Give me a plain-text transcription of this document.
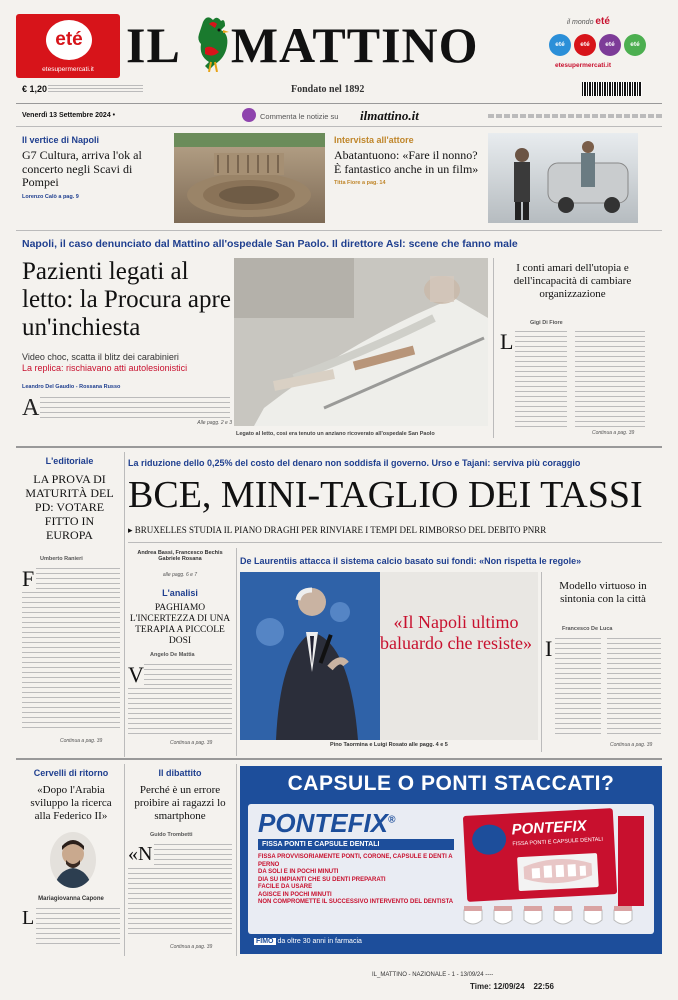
eté
etesupermercati.it IL MATTINO	il mondo eté
eté	eté	eté	eté
etesupermercati.it
€ 1,20	Fondato nel 1892
Venerdì 13 Settembre 2024 •	Commenta le notizie su ilmattino.it
Il vertice di Napoli
G7 Cultura, arriva l'ok al concerto negli Scavi di Pompei
Lorenzo Calò a pag. 9
Intervista all'attore
Abatantuono: «Fare il nonno? È fantastico anche in un film»
Titta Fiore a pag. 14
Napoli, il caso denunciato dal Mattino all'ospedale San Paolo. Il direttore Asl: scene che fanno male
Pazienti legati al letto: la Procura apre un'inchiesta
Video choc, scatta il blitz dei carabinieri
La replica: rischiavano atti autolesionistici
Leandro Del Gaudio - Rossana Russo
A
Alle pagg. 2 e 3
Legato al letto, così era tenuto un anziano ricoverato all'ospedale San Paolo
I conti amari dell'utopia e dell'incapacità di cambiare organizzazione
Gigi Di Fiore
L
Continua a pag. 39
L'editoriale
LA PROVA DI MATURITÀ DEL PD: VOTARE FITTO IN EUROPA
Umberto Ranieri
F
Continua a pag. 39
La riduzione dello 0,25% del costo del denaro non soddisfa il governo. Urso e Tajani: serviva più coraggio
BCE, MINI-TAGLIO DEI TASSI
▸ BRUXELLES STUDIA IL PIANO DRAGHI PER RINVIARE I TEMPI DEL RIMBORSO DEL DEBITO PNRR
Andrea Bassi, Francesco Bechis Gabriele Rosana
alle pagg. 6 e 7
L'analisi
PAGHIAMO L'INCERTEZZA DI UNA TERAPIA A PICCOLE DOSI
Angelo De Mattia
V
Continua a pag. 39
De Laurentiis attacca il sistema calcio basato sui fondi: «Non rispetta le regole»
«Il Napoli ultimo baluardo che resiste»
Pino Taormina e Luigi Rosato alle pagg. 4 e 5
Modello virtuoso in sintonia con la città
Francesco De Luca
I
Continua a pag. 39
Cervelli di ritorno
«Dopo l'Arabia sviluppo la ricerca alla Federico II»
Mariagiovanna Capone
L
Il dibattito
Perché è un errore proibire ai ragazzi lo smartphone
Guido Trombetti
«N
Continua a pag. 39
CAPSULE O PONTI STACCATI?
PONTEFIX®
FISSA PONTI E CAPSULE DENTALI
FISSA PROVVISORIAMENTE PONTI, CORONE, CAPSULE E DENTI A PERNO
DA SOLI E IN POCHI MINUTI
DIA SU IMPIANTI CHE SU DENTI PREPARATI
FACILE DA USARE
AGISCE IN POCHI MINUTI
NON COMPROMETTE IL SUCCESSIVO INTERVENTO DEL DENTISTA
PONTEFIX
FISSA PONTI E CAPSULE DENTALI
FIMO da oltre 30 anni in farmacia
IL_MATTINO - NAZIONALE - 1 - 13/09/24 ----
Time: 12/09/24    22:56
